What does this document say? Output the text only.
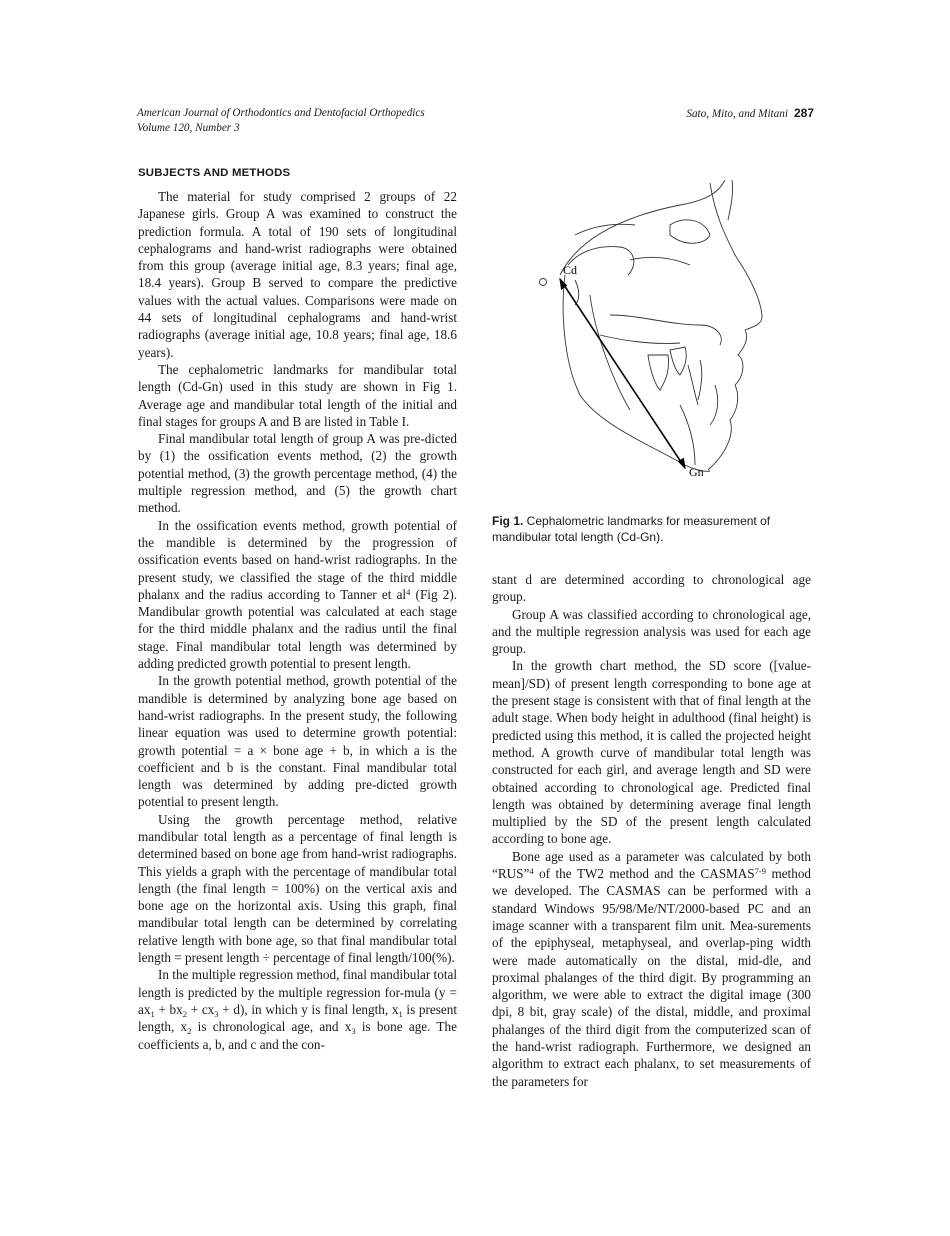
American Journal of Orthodontics and Dentofacial Orthopedics
Volume 120, Number 3
Sato, Mito, and Mitani 287
SUBJECTS AND METHODS

The material for study comprised 2 groups of 22 Japanese girls. Group A was examined to construct the prediction formula. A total of 190 sets of longitudinal cephalograms and hand-wrist radiographs were obtained from this group (average initial age, 8.3 years; final age, 18.4 years). Group B served to compare the predictive values with the actual values. Comparisons were made on 44 sets of longitudinal cephalograms and hand-wrist radiographs (average initial age, 10.8 years; final age, 18.6 years).

The cephalometric landmarks for mandibular total length (Cd-Gn) used in this study are shown in Fig 1. Average age and mandibular total length of the initial and final stages for groups A and B are listed in Table I.

Final mandibular total length of group A was pre-dicted by (1) the ossification events method, (2) the growth potential method, (3) the growth percentage method, (4) the multiple regression method, and (5) the growth chart method.

In the ossification events method, growth potential of the mandible is determined by the progression of ossification events based on hand-wrist radiographs. In the present study, we classified the stage of the third middle phalanx and the radius according to Tanner et $al^4$ (Fig 2). Mandibular growth potential was calculated at each stage for the third middle phalanx and the radius until the final stage. Final mandibular total length was determined by adding predicted growth potential to present length.

In the growth potential method, growth potential of the mandible is determined by analyzing bone age based on hand-wrist radiographs. In the present study, the following linear equation was used to determine growth potential: growth potential = a × bone age + b, in which a is the coefficient and b is the constant. Final mandibular total length was determined by adding pre-dicted growth potential to present length.

Using the growth percentage method, relative mandibular total length as a percentage of final length is determined based on bone age from hand-wrist radiographs. This yields a graph with the percentage of mandibular total length (the final length = 100%) on the vertical axis and bone age on the horizontal axis. Using this graph, final mandibular total length can be determined by correlating relative length with bone age, so that final mandibular total length = present length ÷ percentage of final length/100(%).

In the multiple regression method, final mandibular total length is predicted by the multiple regression for-mula $(y = ax_1 + bx_2 + cx_3 + d)$, in which y is final length, $x_1$ is present length, $x_2$ is chronological age, and $x_3$ is bone age. The coefficients a, b, and c and the con-

Cd
Gn
Fig 1. Cephalometric landmarks for measurement of mandibular total length (Cd-Gn).

stant d are determined according to chronological age group.

Group A was classified according to chronological age, and the multiple regression analysis was used for each age group.

In the growth chart method, the SD score ([value-mean]/SD) of present length corresponding to bone age at the present stage is consistent with that of final length at the adult stage. When body height in adulthood (final height) is predicted using this method, it is called the projected height method. A growth curve of mandibular total length was constructed for each girl, and average length and SD were obtained according to chronological age. Predicted final length was obtained by determining average final length multiplied by the SD of the present length calculated according to bone age.

Bone age used as a parameter was calculated by both “RUS”$^4$ of the TW2 method and the CASMAS$^{7-9}$ method we developed. The CASMAS can be performed with a standard Windows 95/98/Me/NT/2000-based PC and an image scanner with a transparent film unit. Mea-surements of the epiphyseal, metaphyseal, and overlap-ping width were made automatically on the distal, mid-dle, and proximal phalanges of the third digit. By programming an algorithm, we were able to extract the digital image (300 dpi, 8 bit, gray scale) of the distal, middle, and proximal phalanges of the third digit from the computerized scan of the hand-wrist radiograph. Furthermore, we designed an algorithm to extract each phalanx, to set measurements of the parameters for
